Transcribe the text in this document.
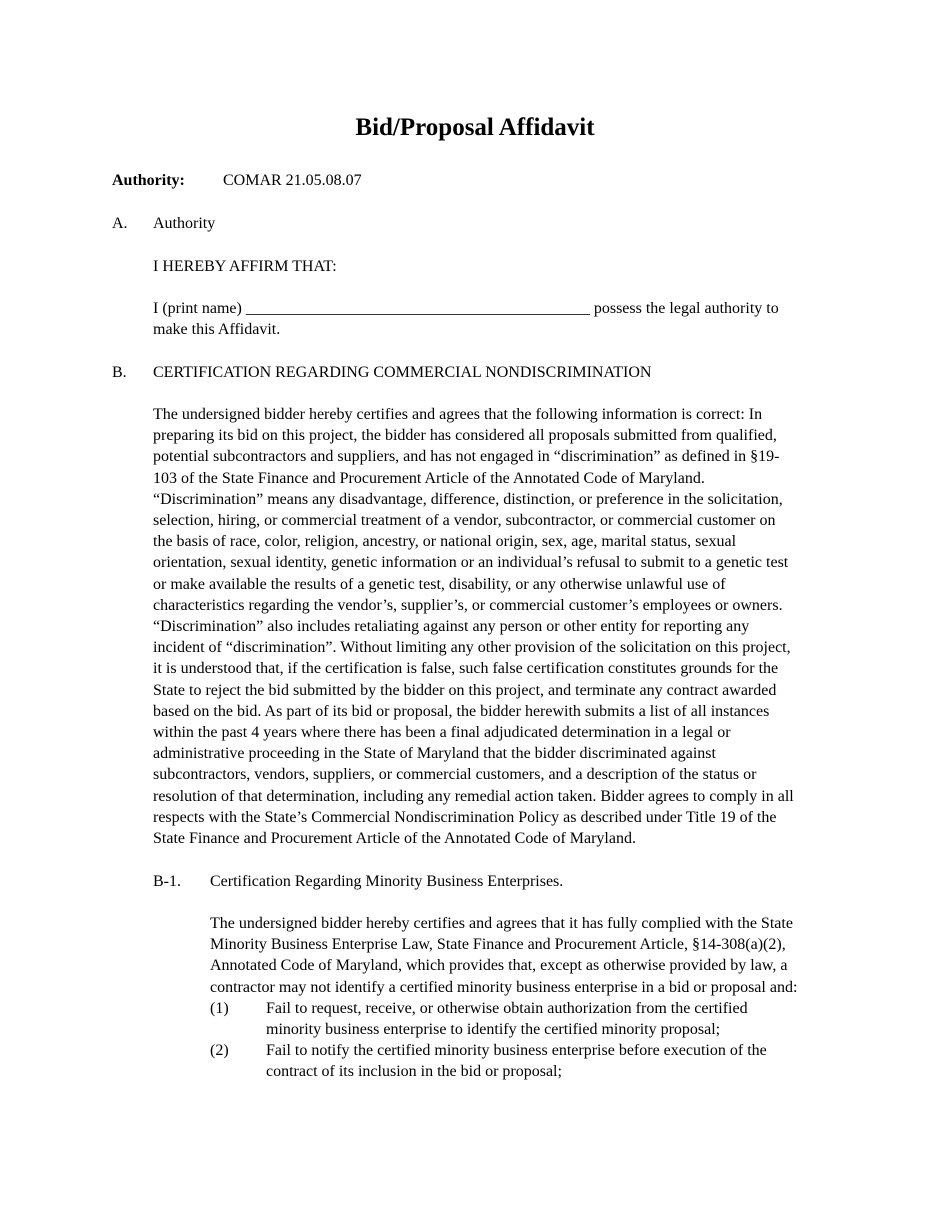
Bid/Proposal Affidavit
Authority: COMAR 21.05.08.07
A. Authority
I HEREBY AFFIRM THAT:
I (print name) ___________________________________________ possess the legal authority to
make this Affidavit.
B. CERTIFICATION REGARDING COMMERCIAL NONDISCRIMINATION
The undersigned bidder hereby certifies and agrees that the following information is correct: In
preparing its bid on this project, the bidder has considered all proposals submitted from qualified,
potential subcontractors and suppliers, and has not engaged in “discrimination” as defined in §19-
103 of the State Finance and Procurement Article of the Annotated Code of Maryland.
“Discrimination” means any disadvantage, difference, distinction, or preference in the solicitation,
selection, hiring, or commercial treatment of a vendor, subcontractor, or commercial customer on
the basis of race, color, religion, ancestry, or national origin, sex, age, marital status, sexual
orientation, sexual identity, genetic information or an individual’s refusal to submit to a genetic test
or make available the results of a genetic test, disability, or any otherwise unlawful use of
characteristics regarding the vendor’s, supplier’s, or commercial customer’s employees or owners.
“Discrimination” also includes retaliating against any person or other entity for reporting any
incident of “discrimination”. Without limiting any other provision of the solicitation on this project,
it is understood that, if the certification is false, such false certification constitutes grounds for the
State to reject the bid submitted by the bidder on this project, and terminate any contract awarded
based on the bid. As part of its bid or proposal, the bidder herewith submits a list of all instances
within the past 4 years where there has been a final adjudicated determination in a legal or
administrative proceeding in the State of Maryland that the bidder discriminated against
subcontractors, vendors, suppliers, or commercial customers, and a description of the status or
resolution of that determination, including any remedial action taken. Bidder agrees to comply in all
respects with the State’s Commercial Nondiscrimination Policy as described under Title 19 of the
State Finance and Procurement Article of the Annotated Code of Maryland.
B-1. Certification Regarding Minority Business Enterprises.
The undersigned bidder hereby certifies and agrees that it has fully complied with the State
Minority Business Enterprise Law, State Finance and Procurement Article, §14-308(a)(2),
Annotated Code of Maryland, which provides that, except as otherwise provided by law, a
contractor may not identify a certified minority business enterprise in a bid or proposal and:
(1) Fail to request, receive, or otherwise obtain authorization from the certified
minority business enterprise to identify the certified minority proposal;
(2) Fail to notify the certified minority business enterprise before execution of the
contract of its inclusion in the bid or proposal;
